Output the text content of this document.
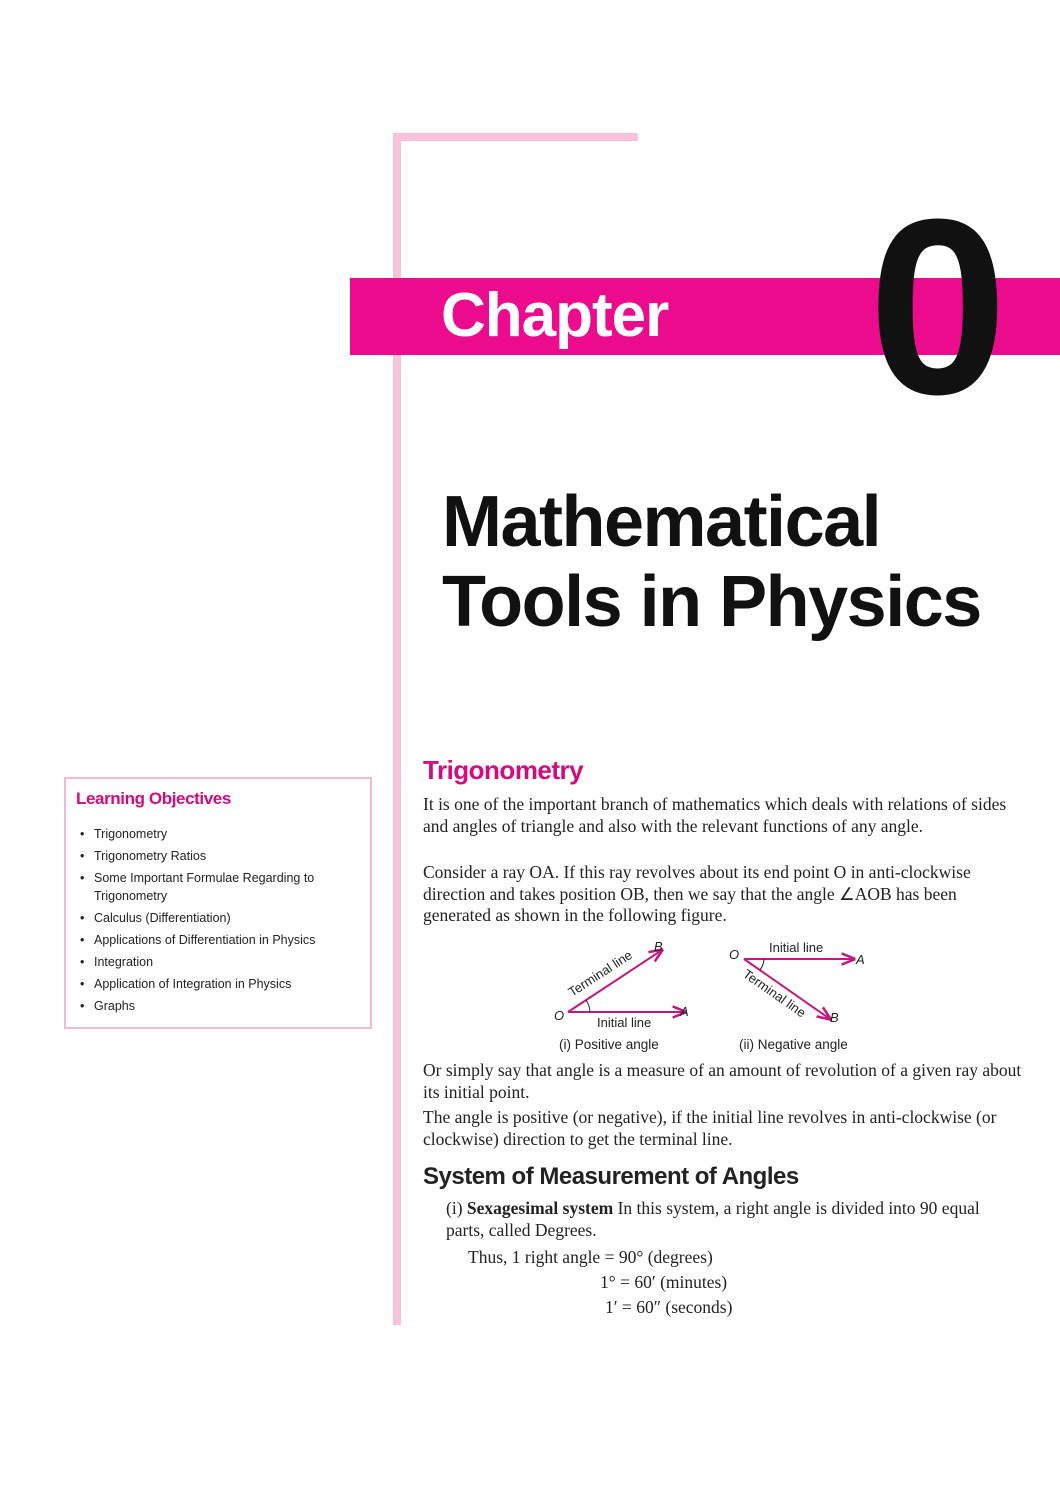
Chapter 0
Mathematical
Tools in Physics
Learning Objectives
• Trigonometry
• Trigonometry Ratios
• Some Important Formulae Regarding to Trigonometry
• Calculus (Differentiation)
• Applications of Differentiation in Physics
• Integration
• Application of Integration in Physics
• Graphs
Trigonometry
It is one of the important branch of mathematics which deals with relations of sides and angles of triangle and also with the relevant functions of any angle.
Consider a ray OA. If this ray revolves about its end point O in anti-clockwise direction and takes position OB, then we say that the angle ∠AOB has been generated as shown in the following figure.
O	A
B
Initial line
Terminal line
(i) Positive angle
O	A
B
Initial line
Terminal line
(ii) Negative angle
Or simply say that angle is a measure of an amount of revolution of a given ray about its initial point.
The angle is positive (or negative), if the initial line revolves in anti-clockwise (or clockwise) direction to get the terminal line.
System of Measurement of Angles
(i) Sexagesimal system In this system, a right angle is divided into 90 equal parts, called Degrees.
Thus, 1 right angle = 90° (degrees)
1° = 60′ (minutes)
1′ = 60″ (seconds)
